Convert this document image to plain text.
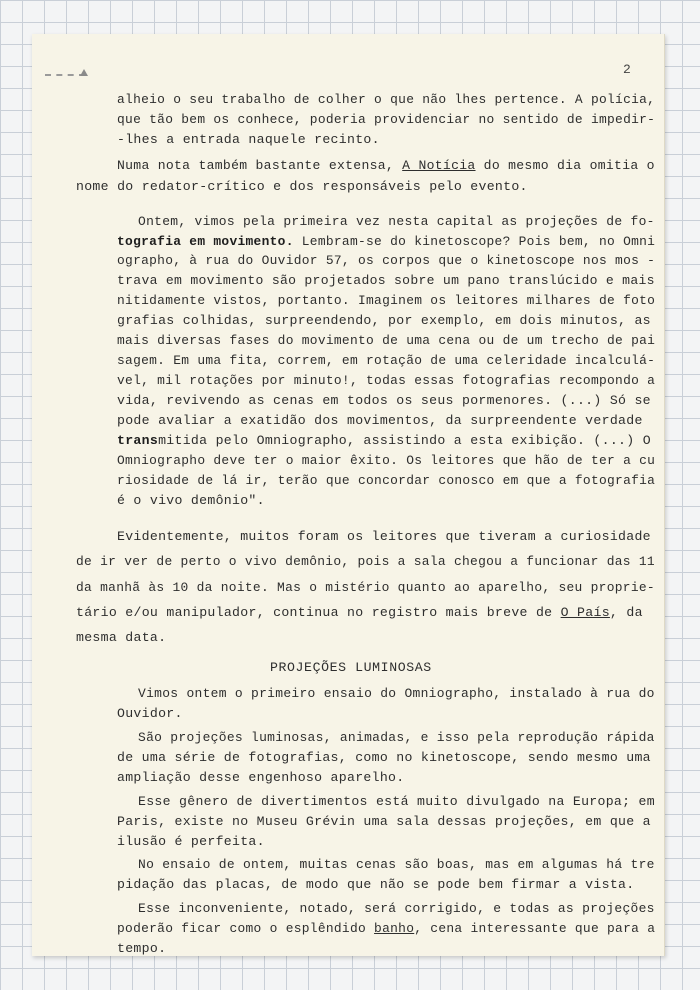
2
alheio o seu trabalho de colher o que não lhes pertence. A polícia,
que tão bem os conhece, poderia providenciar no sentido de impedir-
-lhes a entrada naquele recinto.
Numa nota também bastante extensa, A Notícia do mesmo dia omitia o
nome do redator-crítico e dos responsáveis pelo evento.
Ontem, vimos pela primeira vez nesta capital as projeções de fo-
tografia em movimento. Lembram-se do kinetoscope? Pois bem, no Omni
ographo, à rua do Ouvidor 57, os corpos que o kinetoscope nos mos -
trava em movimento são projetados sobre um pano translúcido e mais
nitidamente vistos, portanto. Imaginem os leitores milhares de foto
grafias colhidas, surpreendendo, por exemplo, em dois minutos, as
mais diversas fases do movimento de uma cena ou de um trecho de pai
sagem. Em uma fita, correm, em rotação de uma celeridade incalculá-
vel, mil rotações por minuto!, todas essas fotografias recompondo a
vida, revivendo as cenas em todos os seus pormenores. (...) Só se
pode avaliar a exatidão dos movimentos, da surpreendente verdade
transmitida pelo Omniographo, assistindo a esta exibição. (...) O
Omniographo deve ter o maior êxito. Os leitores que hão de ter a cu
riosidade de lá ir, terão que concordar conosco em que a fotografia
é o vivo demônio".
Evidentemente, muitos foram os leitores que tiveram a curiosidade
de ir ver de perto o vivo demônio, pois a sala chegou a funcionar das 11
da manhã às 10 da noite. Mas o mistério quanto ao aparelho, seu proprie-
tário e/ou manipulador, continua no registro mais breve de O País, da
mesma data.
PROJEÇÕES LUMINOSAS
Vimos ontem o primeiro ensaio do Omniographo, instalado à rua do
Ouvidor.
São projeções luminosas, animadas, e isso pela reprodução rápida
de uma série de fotografias, como no kinetoscope, sendo mesmo uma
ampliação desse engenhoso aparelho.
Esse gênero de divertimentos está muito divulgado na Europa; em
Paris, existe no Museu Grévin uma sala dessas projeções, em que a
ilusão é perfeita.
No ensaio de ontem, muitas cenas são boas, mas em algumas há tre
pidação das placas, de modo que não se pode bem firmar a vista.
Esse inconveniente, notado, será corrigido, e todas as projeções
poderão ficar como o esplêndido banho, cena interessante que para a
tempo.
